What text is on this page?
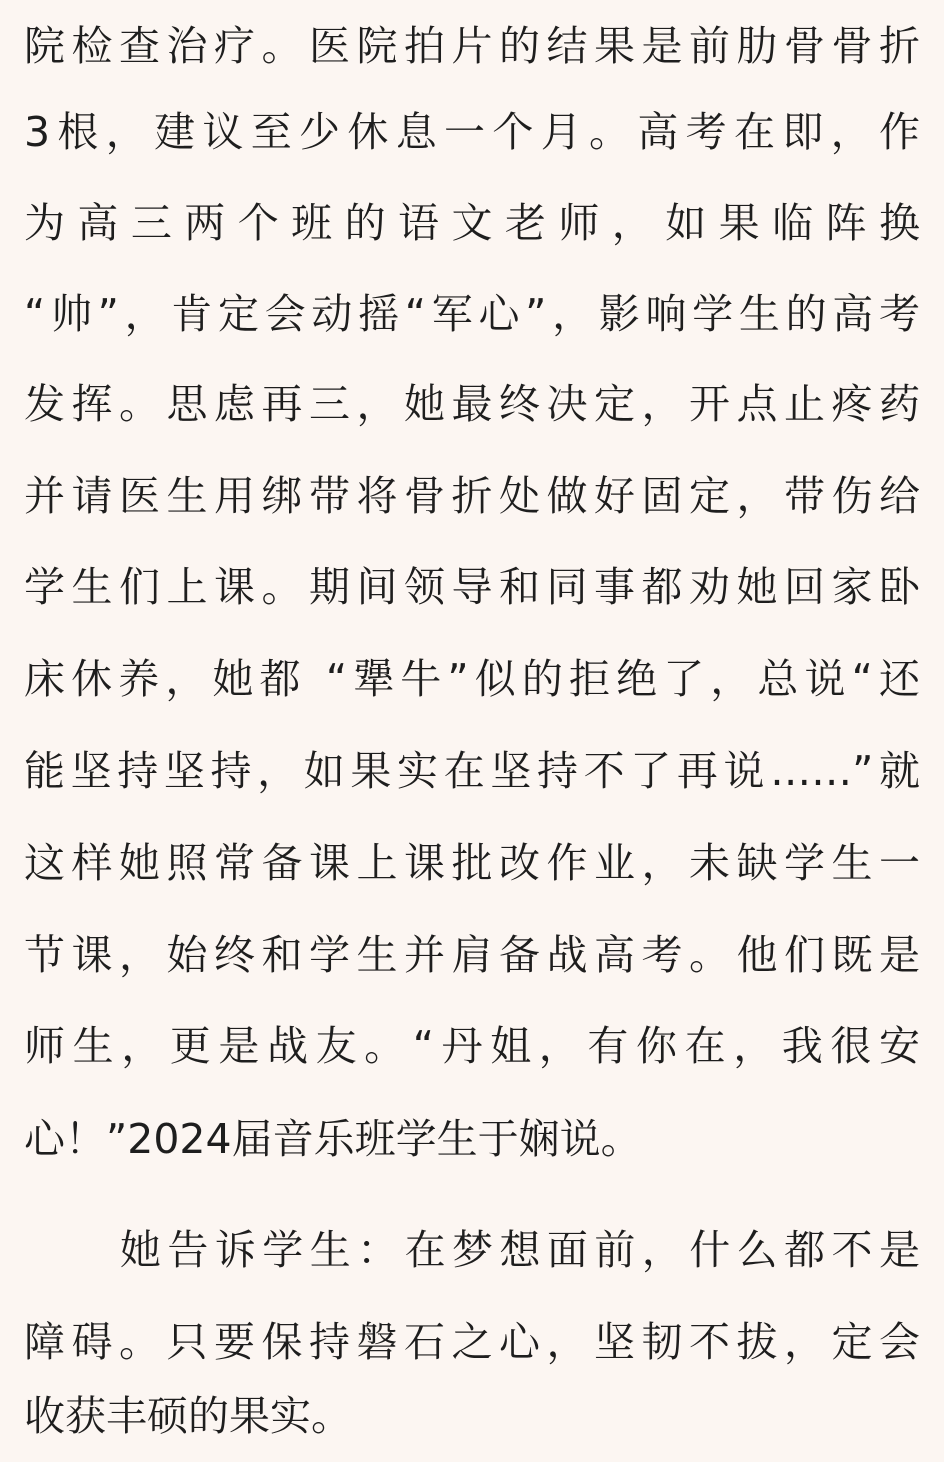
院检查治疗。医院拍片的结果是前肋骨骨折
3根，建议至少休息一个月。高考在即，作
为高三两个班的语文老师，如果临阵换
“帅”，肯定会动摇“军心”，影响学生的高考
发挥。思虑再三，她最终决定，开点止疼药
并请医生用绑带将骨折处做好固定，带伤给
学生们上课。期间领导和同事都劝她回家卧
床休养，她都 “犟牛”似的拒绝了，总说“还
能坚持坚持，如果实在坚持不了再说……”就
这样她照常备课上课批改作业，未缺学生一
节课，始终和学生并肩备战高考。他们既是
师生，更是战友。“丹姐，有你在，我很安
心！”2024届音乐班学生于娴说。
她告诉学生：在梦想面前，什么都不是
障碍。只要保持磐石之心，坚韧不拔，定会
收获丰硕的果实。
